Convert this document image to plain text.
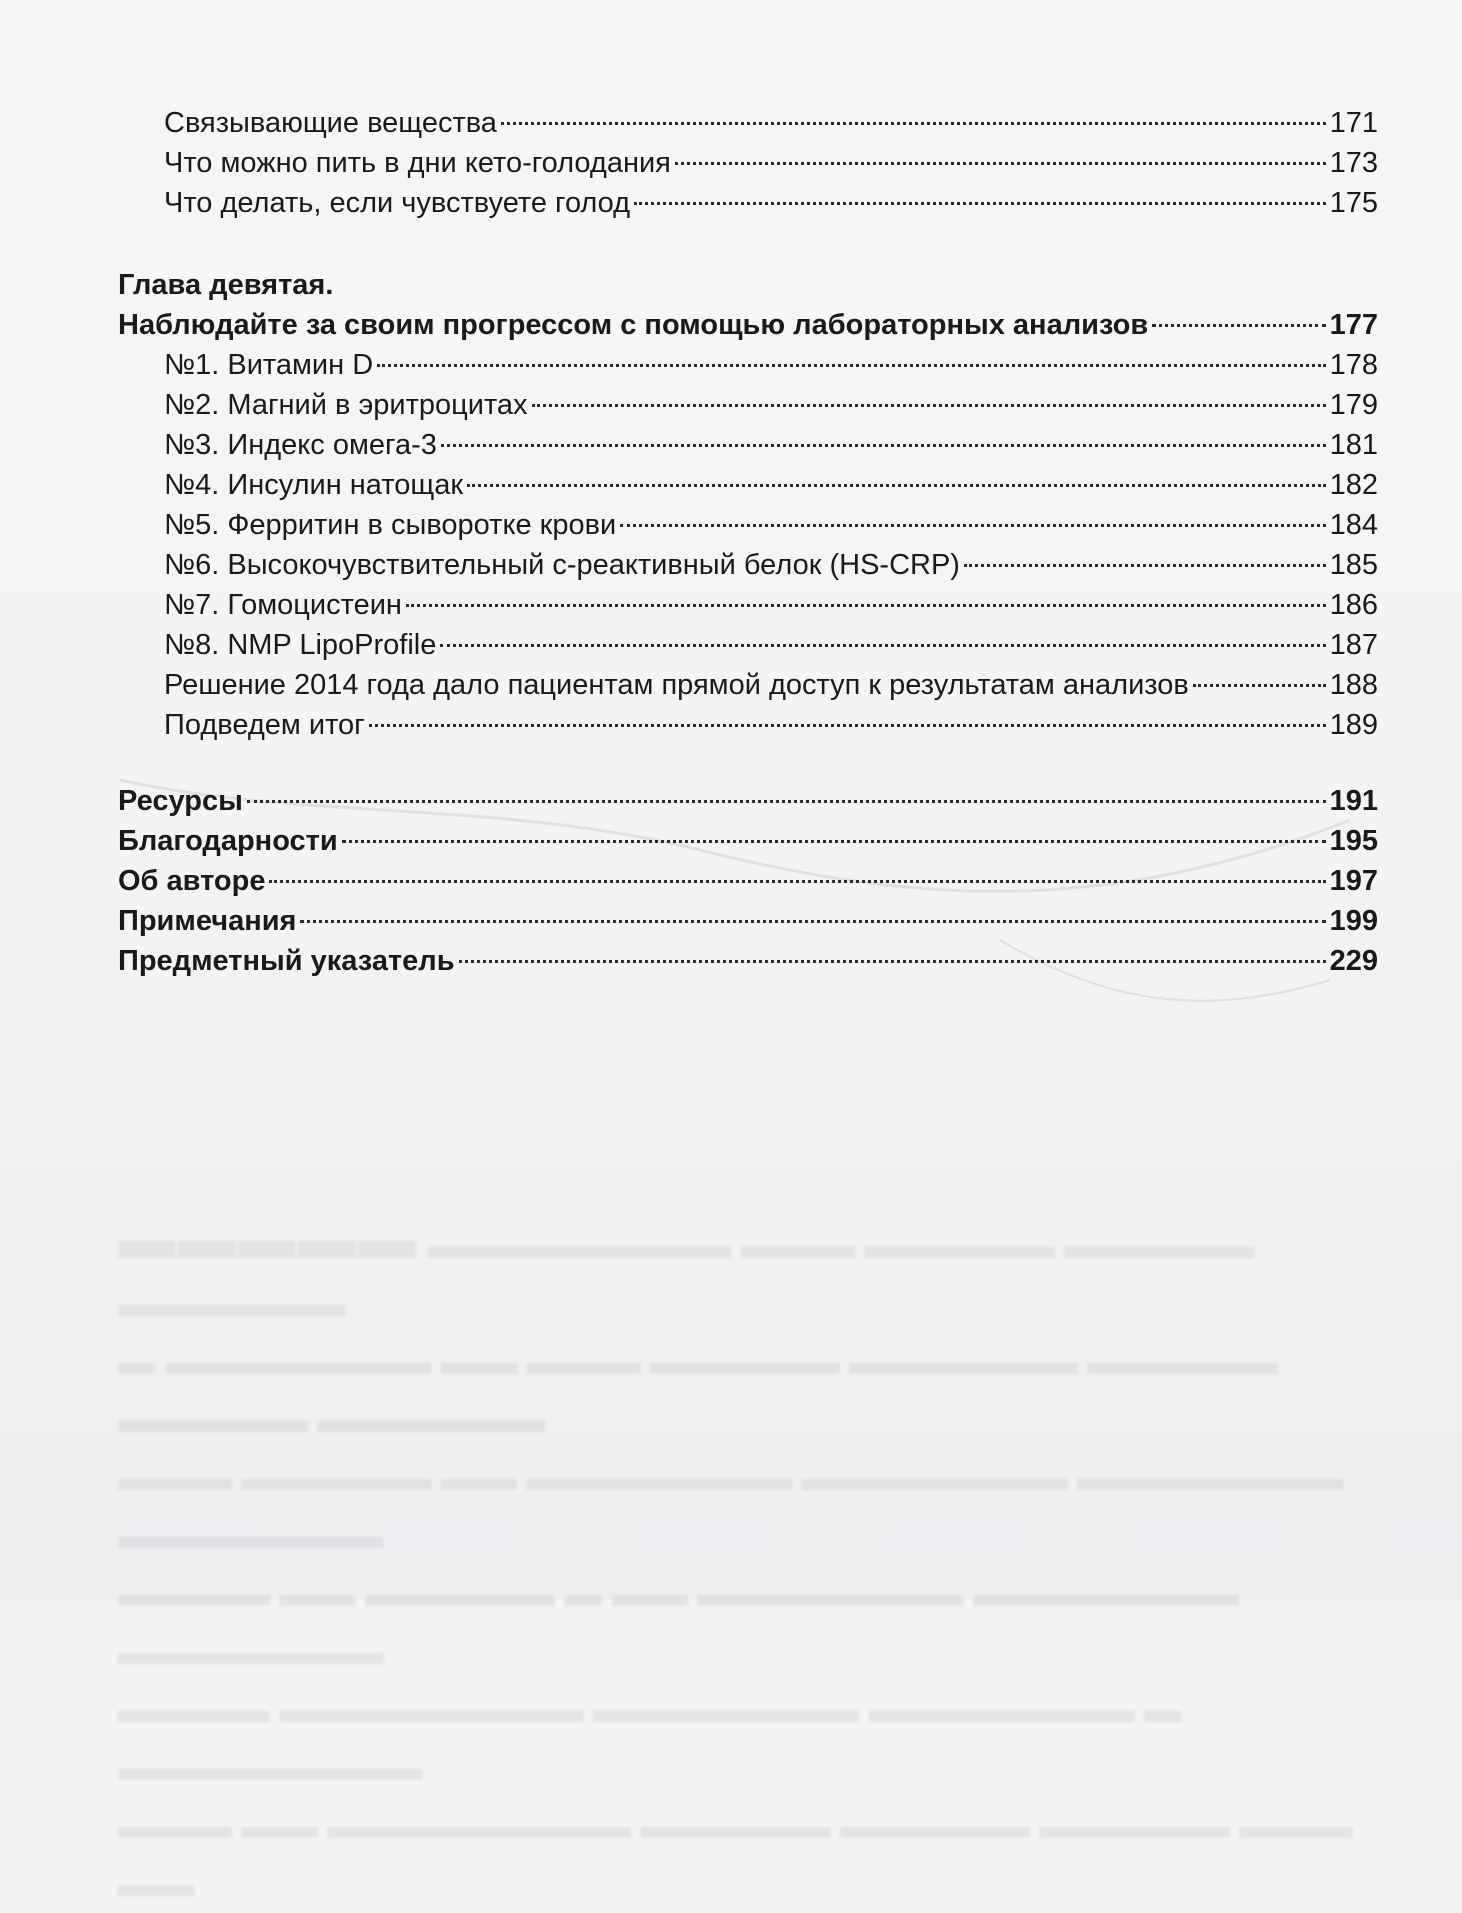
▬▬▬▬▬ ▬▬▬▬▬▬▬▬ ▬▬▬ ▬▬▬▬▬ ▬▬▬▬▬ ▬▬▬▬▬▬
▬ ▬▬▬▬▬▬▬ ▬▬ ▬▬▬ ▬▬▬▬▬ ▬▬▬▬▬▬ ▬▬▬▬▬ ▬▬▬▬▬ ▬▬▬▬▬▬
▬▬▬ ▬▬▬▬▬ ▬▬ ▬▬▬▬▬▬▬ ▬▬▬▬▬▬▬ ▬▬▬▬▬▬▬ ▬▬▬▬▬▬▬
▬▬▬▬ ▬▬ ▬▬▬▬▬ ▬ ▬▬ ▬▬▬▬▬▬▬ ▬▬▬▬▬▬▬ ▬▬▬▬▬▬▬
▬▬▬▬ ▬▬▬▬▬▬▬▬ ▬▬▬▬▬▬▬ ▬▬▬▬▬▬▬ ▬ ▬▬▬▬▬▬▬▬
▬▬▬ ▬▬ ▬▬▬▬▬▬▬▬ ▬▬▬▬▬ ▬▬▬▬▬ ▬▬▬▬▬ ▬▬▬ ▬▬
Связывающие вещества	171
Что можно пить в дни кето-голодания	173
Что делать, если чувствуете голод	175
Глава девятая.
Наблюдайте за своим прогрессом с помощью лабораторных анализов	177
№1. Витамин D	178
№2. Магний в эритроцитах	179
№3. Индекс омега-3	181
№4. Инсулин натощак	182
№5. Ферритин в сыворотке крови	184
№6. Высокочувствительный с-реактивный белок (HS-CRP)	185
№7. Гомоцистеин	186
№8. NMP LipoProfile	187
Решение 2014 года дало пациентам прямой доступ к результатам анализов	188
Подведем итог	189
Ресурсы	191
Благодарности	195
Об авторе	197
Примечания	199
Предметный указатель	229
